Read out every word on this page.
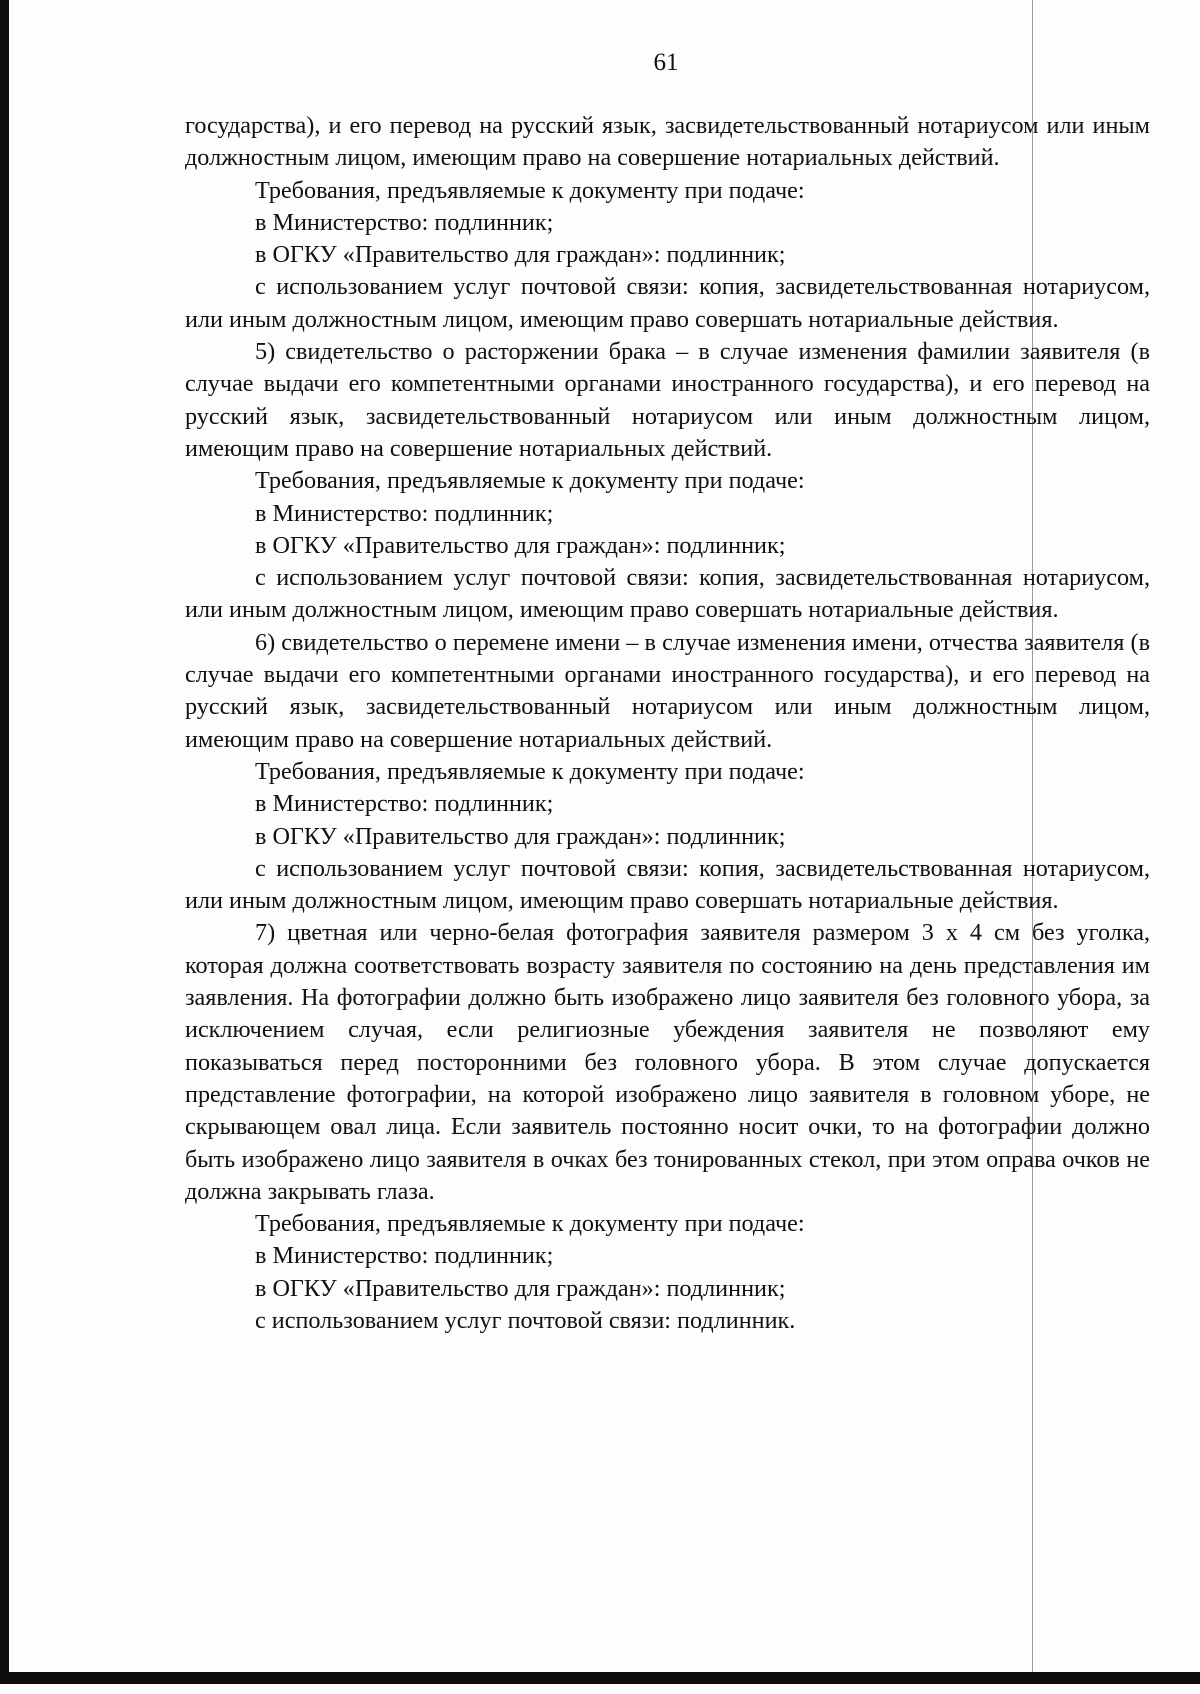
61

государства), и его перевод на русский язык, засвидетельствованный нотариусом или иным должностным лицом, имеющим право на совершение нотариальных действий.

Требования, предъявляемые к документу при подаче:

в Министерство: подлинник;

в ОГКУ «Правительство для граждан»: подлинник;

с использованием услуг почтовой связи: копия, засвидетельствованная нотариусом, или иным должностным лицом, имеющим право совершать нотариальные действия.

5) свидетельство о расторжении брака – в случае изменения фамилии заявителя (в случае выдачи его компетентными органами иностранного государства), и его перевод на русский язык, засвидетельствованный нотариусом или иным должностным лицом, имеющим право на совершение нотариальных действий.

Требования, предъявляемые к документу при подаче:

в Министерство: подлинник;

в ОГКУ «Правительство для граждан»: подлинник;

с использованием услуг почтовой связи: копия, засвидетельствованная нотариусом, или иным должностным лицом, имеющим право совершать нотариальные действия.

6) свидетельство о перемене имени – в случае изменения имени, отчества заявителя (в случае выдачи его компетентными органами иностранного государства), и его перевод на русский язык, засвидетельствованный нотариусом или иным должностным лицом, имеющим право на совершение нотариальных действий.

Требования, предъявляемые к документу при подаче:

в Министерство: подлинник;

в ОГКУ «Правительство для граждан»: подлинник;

с использованием услуг почтовой связи: копия, засвидетельствованная нотариусом, или иным должностным лицом, имеющим право совершать нотариальные действия.

7) цветная или черно-белая фотография заявителя размером 3 х 4 см без уголка, которая должна соответствовать возрасту заявителя по состоянию на день представления им заявления. На фотографии должно быть изображено лицо заявителя без головного убора, за исключением случая, если религиозные убеждения заявителя не позволяют ему показываться перед посторонними без головного убора. В этом случае допускается представление фотографии, на которой изображено лицо заявителя в головном уборе, не скрывающем овал лица. Если заявитель постоянно носит очки, то на фотографии должно быть изображено лицо заявителя в очках без тонированных стекол, при этом оправа очков не должна закрывать глаза.

Требования, предъявляемые к документу при подаче:

в Министерство: подлинник;

в ОГКУ «Правительство для граждан»: подлинник;

с использованием услуг почтовой связи: подлинник.
